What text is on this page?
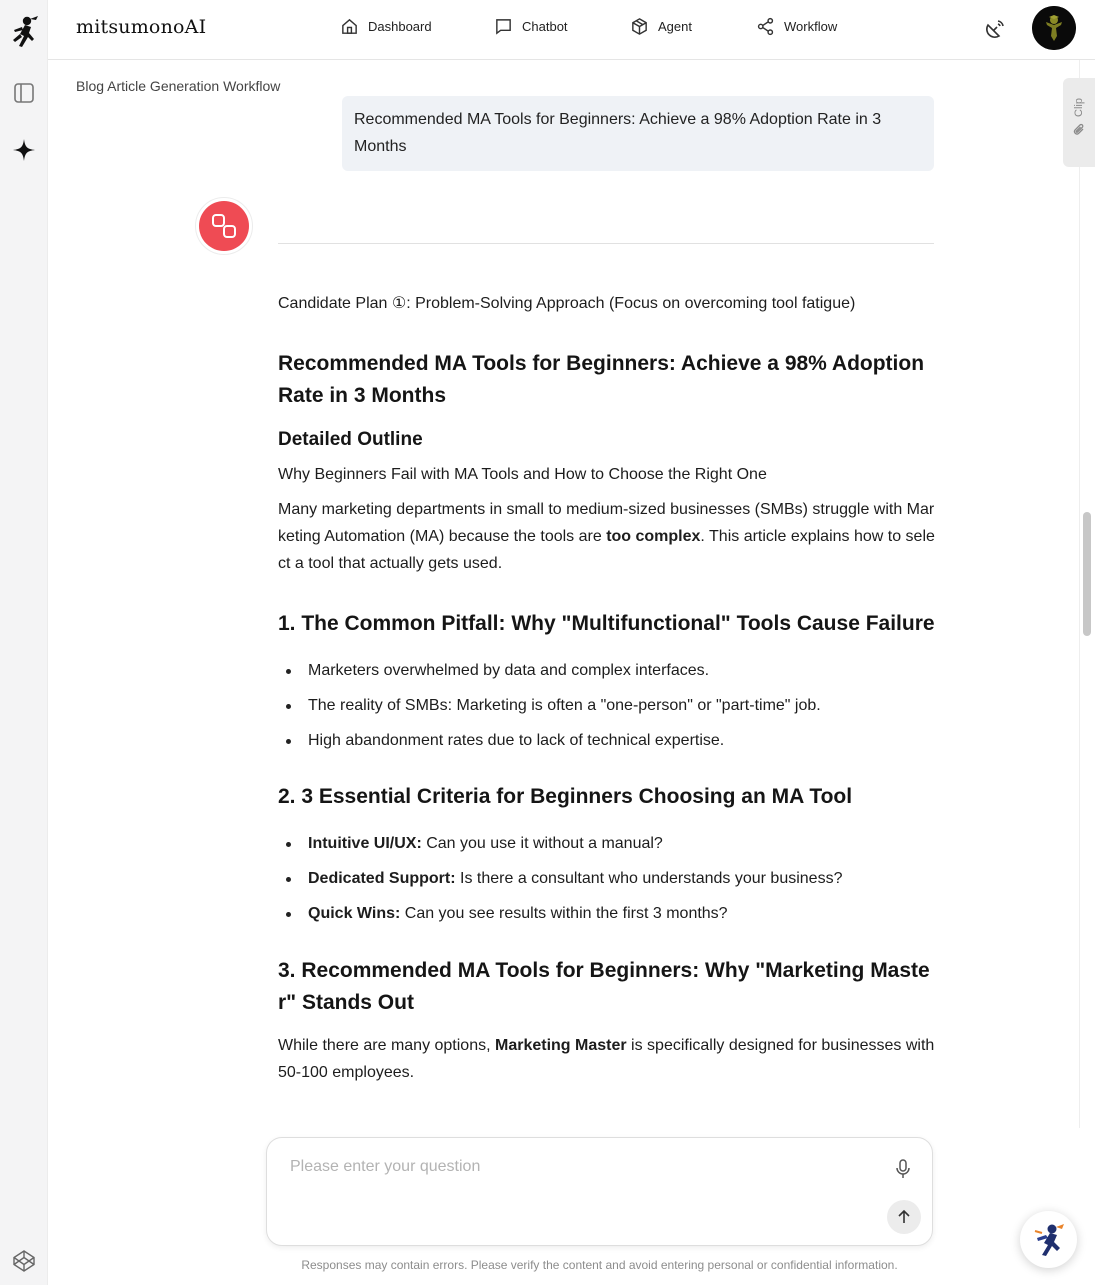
mitsumonoAI	Dashboard	Chatbot	Agent	Workflow
Blog Article Generation Workflow
Recommended MA Tools for Beginners: Achieve a 98% Adoption Rate in 3 Months

Candidate Plan ①: Problem-Solving Approach (Focus on overcoming tool fatigue)

Recommended MA Tools for Beginners: Achieve a 98% Adoption Rate in 3 Months
Detailed Outline

Why Beginners Fail with MA Tools and How to Choose the Right One

Many marketing departments in small to medium-sized businesses (SMBs) struggle with Marketing Automation (MA) because the tools are too complex. This article explains how to select a tool that actually gets used.

1. The Common Pitfall: Why "Multifunctional" Tools Cause Failure
Marketers overwhelmed by data and complex interfaces.
The reality of SMBs: Marketing is often a "one-person" or "part-time" job.
High abandonment rates due to lack of technical expertise.
2. 3 Essential Criteria for Beginners Choosing an MA Tool
Intuitive UI/UX: Can you use it without a manual?
Dedicated Support: Is there a consultant who understands your business?
Quick Wins: Can you see results within the first 3 months?
3. Recommended MA Tools for Beginners: Why "Marketing Master" Stands Out

While there are many options, Marketing Master is specifically designed for businesses with 50-100 employees.

Clip
Please enter your question
Responses may contain errors. Please verify the content and avoid entering personal or confidential information.
